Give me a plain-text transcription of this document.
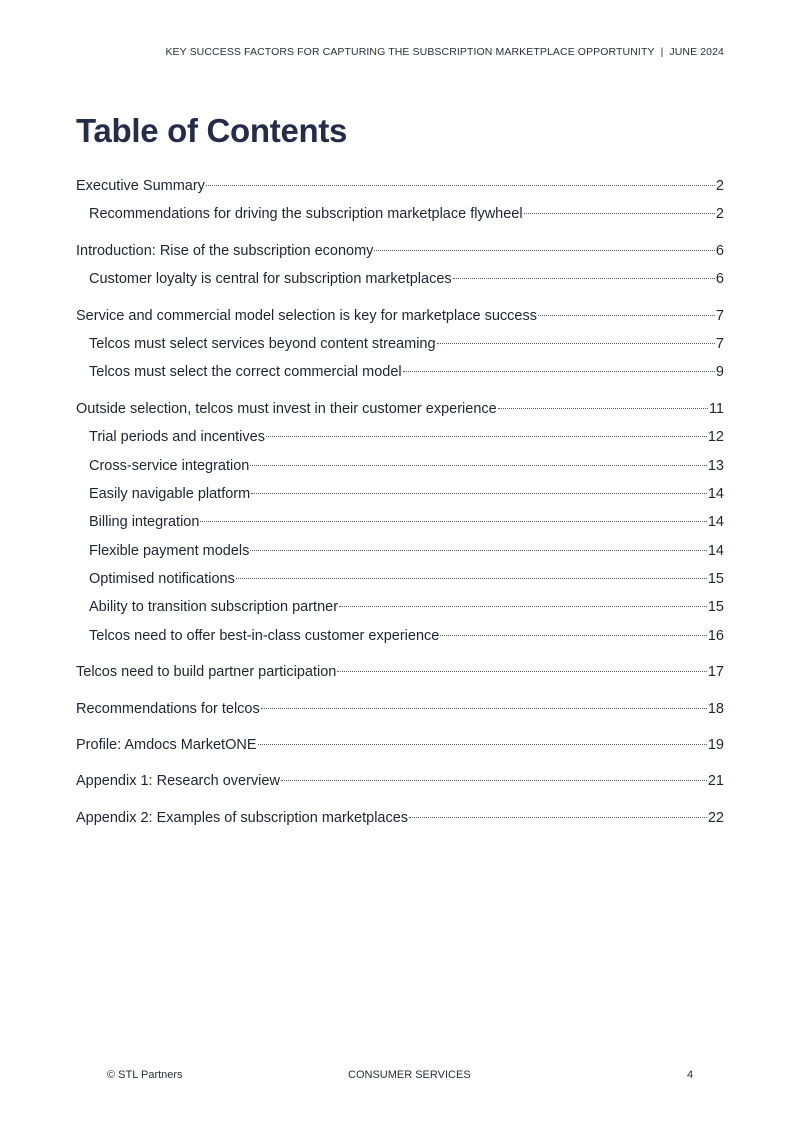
KEY SUCCESS FACTORS FOR CAPTURING THE SUBSCRIPTION MARKETPLACE OPPORTUNITY | JUNE 2024
Table of Contents
Executive Summary	2
Recommendations for driving the subscription marketplace flywheel	2
Introduction: Rise of the subscription economy	6
Customer loyalty is central for subscription marketplaces	6
Service and commercial model selection is key for marketplace success	7
Telcos must select services beyond content streaming	7
Telcos must select the correct commercial model	9
Outside selection, telcos must invest in their customer experience	11
Trial periods and incentives	12
Cross-service integration	13
Easily navigable platform	14
Billing integration	14
Flexible payment models	14
Optimised notifications	15
Ability to transition subscription partner	15
Telcos need to offer best-in-class customer experience	16
Telcos need to build partner participation	17
Recommendations for telcos	18
Profile: Amdocs MarketONE	19
Appendix 1: Research overview	21
Appendix 2: Examples of subscription marketplaces	22
© STL Partners	CONSUMER SERVICES	4
